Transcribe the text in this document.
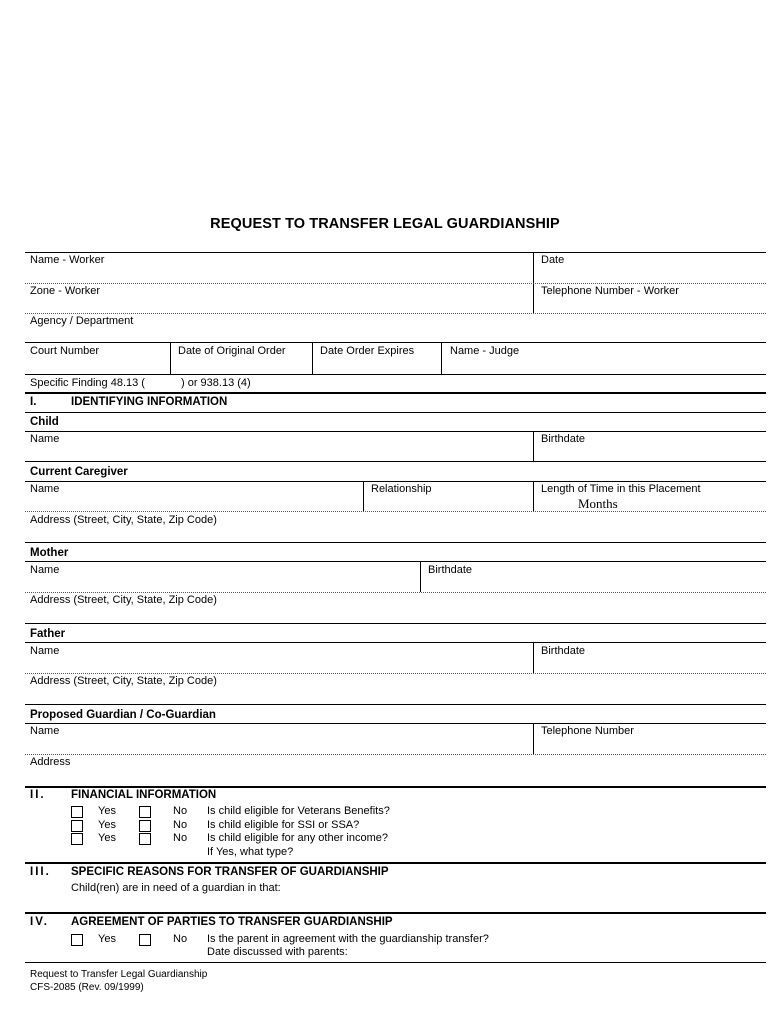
REQUEST TO TRANSFER LEGAL GUARDIANSHIP
Name - Worker	Date
Zone - Worker	Telephone Number - Worker
Agency / Department
Court Number	Date of Original Order	Date Order Expires	Name - Judge
Specific Finding 48.13 (	) or 938.13 (4)
I.	IDENTIFYING INFORMATION
Child
Name	Birthdate
Current Caregiver
Name	Relationship	Length of Time in this Placement
Months
Address (Street, City, State, Zip Code)
Mother
Name	Birthdate
Address (Street, City, State, Zip Code)
Father
Name	Birthdate
Address (Street, City, State, Zip Code)
Proposed Guardian / Co-Guardian
Name	Telephone Number
Address
II. FINANCIAL INFORMATION
Yes	No Is child eligible for Veterans Benefits?
Yes	No Is child eligible for SSI or SSA?
Yes	No Is child eligible for any other income?
If Yes, what type?
III. SPECIFIC REASONS FOR TRANSFER OF GUARDIANSHIP
Child(ren) are in need of a guardian in that:
IV. AGREEMENT OF PARTIES TO TRANSFER GUARDIANSHIP
Yes	No Is the parent in agreement with the guardianship transfer?
Date discussed with parents:
Request to Transfer Legal Guardianship
CFS-2085 (Rev. 09/1999)
